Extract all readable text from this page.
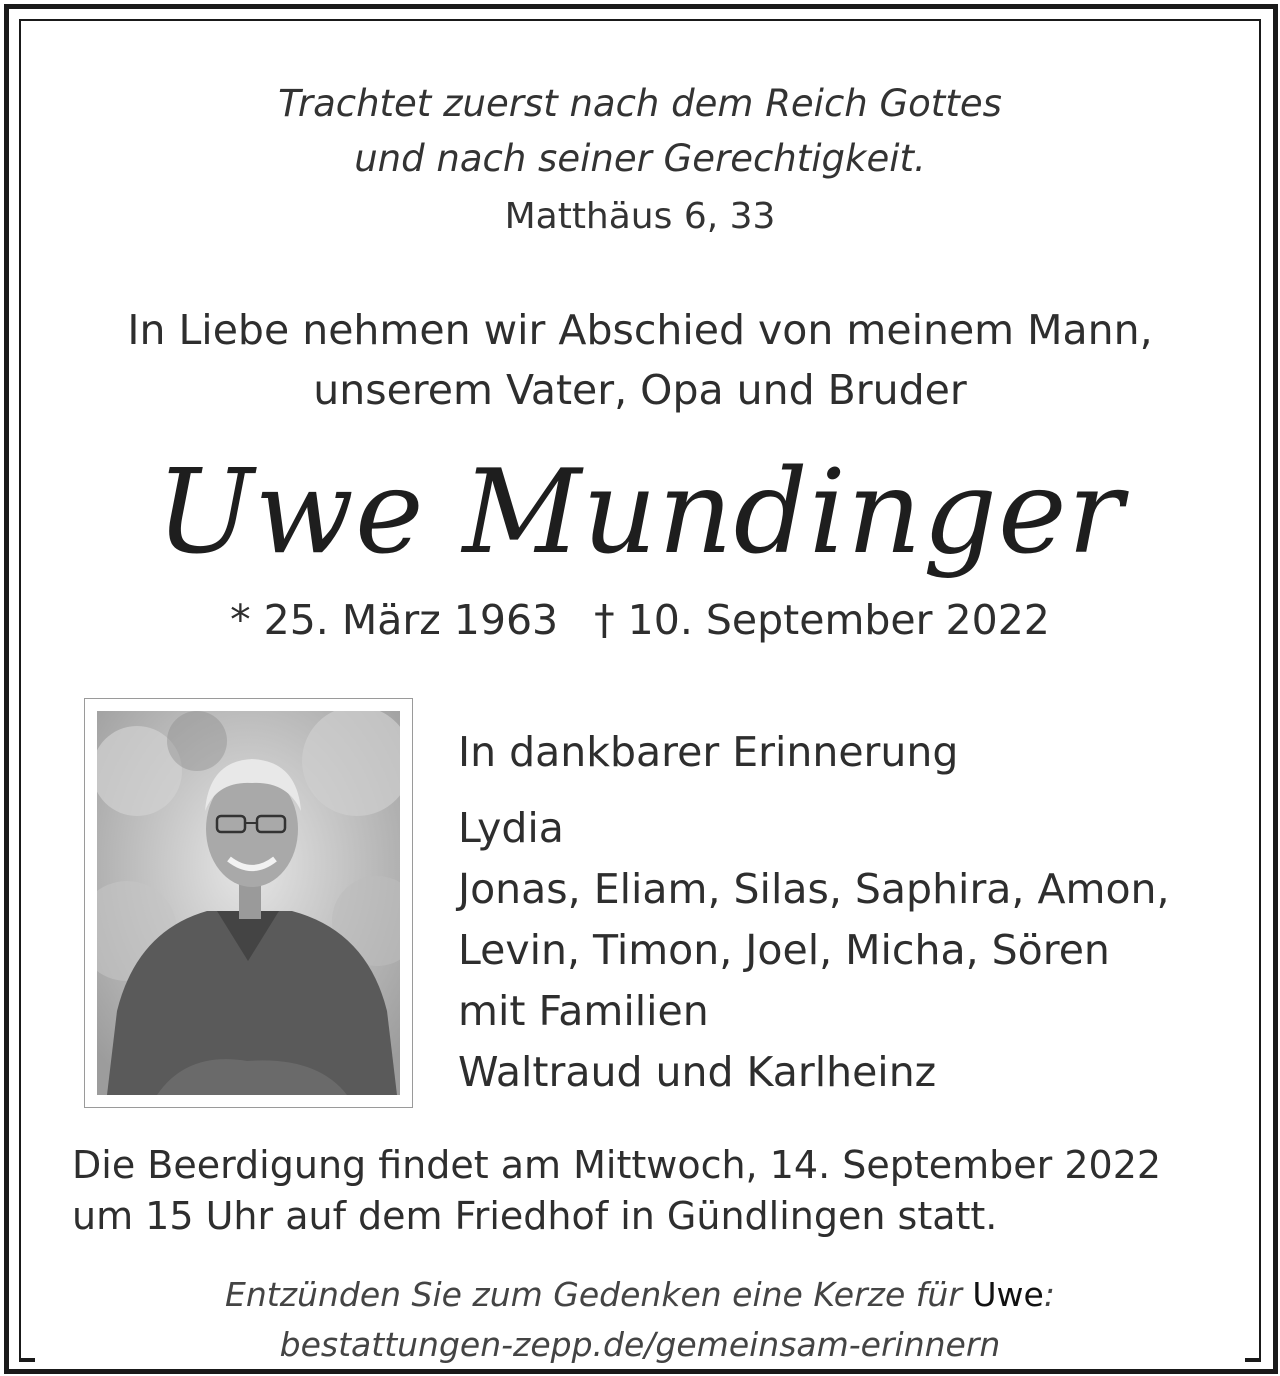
Trachtet zuerst nach dem Reich Gottes
und nach seiner Gerechtigkeit.
Matthäus 6, 33
In Liebe nehmen wir Abschied von meinem Mann,
unserem Vater, Opa und Bruder
Uwe Mundinger
* 25. März 1963 † 10. September 2022
In dankbarer Erinnerung
Lydia
Jonas, Eliam, Silas, Saphira, Amon,
Levin, Timon, Joel, Micha, Sören
mit Familien
Waltraud und Karlheinz
Die Beerdigung findet am Mittwoch, 14. September 2022
um 15 Uhr auf dem Friedhof in Gündlingen statt.
Entzünden Sie zum Gedenken eine Kerze für Uwe:
bestattungen-zepp.de/gemeinsam-erinnern
